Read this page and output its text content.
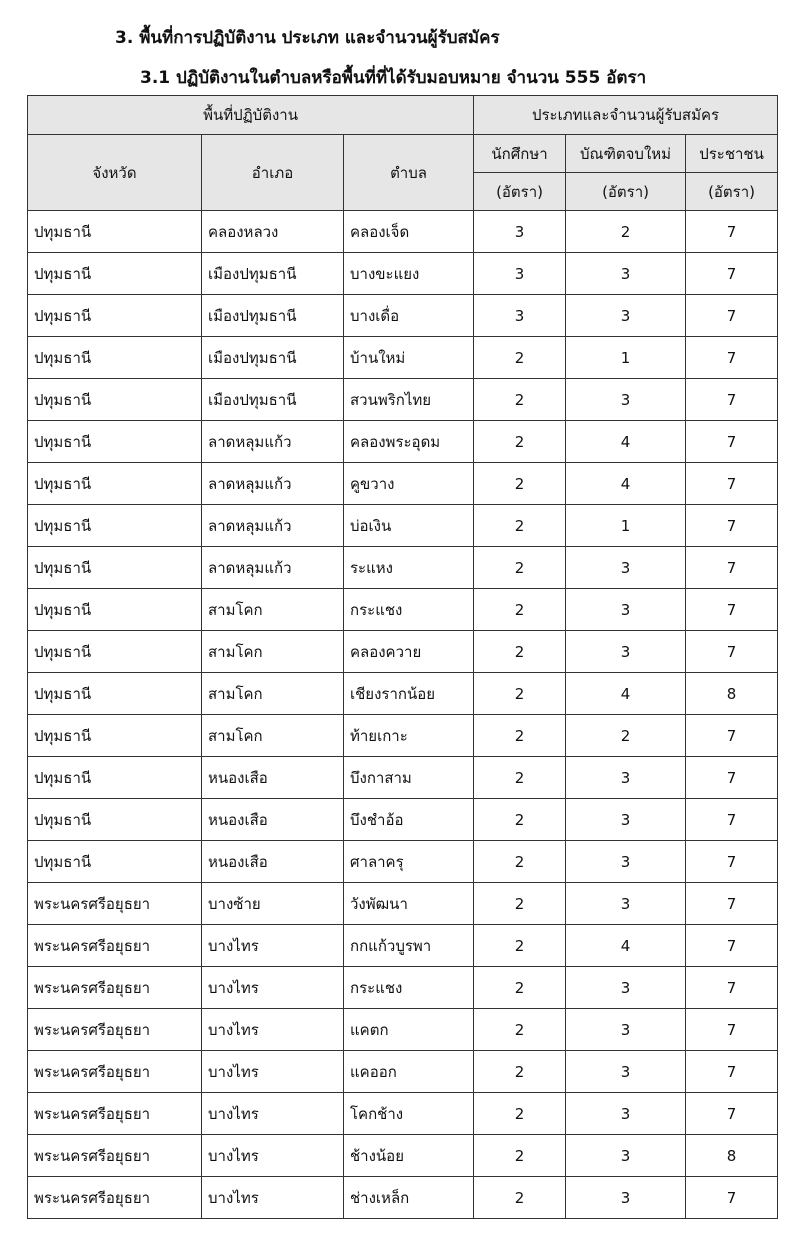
3. พื้นที่การปฏิบัติงาน ประเภท และจำนวนผู้รับสมัคร
3.1 ปฏิบัติงานในตำบลหรือพื้นที่ที่ได้รับมอบหมาย จำนวน 555 อัตรา
พื้นที่ปฏิบัติงาน			ประเภทและจำนวนผู้รับสมัคร		
จังหวัด	อำเภอ	ตำบล	นักศึกษา	บัณฑิตจบใหม่	ประชาชน
			(อัตรา)	(อัตรา)	(อัตรา)
ปทุมธานี	คลองหลวง	คลองเจ็ด	3	2	7
ปทุมธานี	เมืองปทุมธานี	บางขะแยง	3	3	7
ปทุมธานี	เมืองปทุมธานี	บางเดื่อ	3	3	7
ปทุมธานี	เมืองปทุมธานี	บ้านใหม่	2	1	7
ปทุมธานี	เมืองปทุมธานี	สวนพริกไทย	2	3	7
ปทุมธานี	ลาดหลุมแก้ว	คลองพระอุดม	2	4	7
ปทุมธานี	ลาดหลุมแก้ว	คูขวาง	2	4	7
ปทุมธานี	ลาดหลุมแก้ว	บ่อเงิน	2	1	7
ปทุมธานี	ลาดหลุมแก้ว	ระแหง	2	3	7
ปทุมธานี	สามโคก	กระแชง	2	3	7
ปทุมธานี	สามโคก	คลองควาย	2	3	7
ปทุมธานี	สามโคก	เชียงรากน้อย	2	4	8
ปทุมธานี	สามโคก	ท้ายเกาะ	2	2	7
ปทุมธานี	หนองเสือ	บึงกาสาม	2	3	7
ปทุมธานี	หนองเสือ	บึงชำอ้อ	2	3	7
ปทุมธานี	หนองเสือ	ศาลาครุ	2	3	7
พระนครศรีอยุธยา	บางซ้าย	วังพัฒนา	2	3	7
พระนครศรีอยุธยา	บางไทร	กกแก้วบูรพา	2	4	7
พระนครศรีอยุธยา	บางไทร	กระแชง	2	3	7
พระนครศรีอยุธยา	บางไทร	แคตก	2	3	7
พระนครศรีอยุธยา	บางไทร	แคออก	2	3	7
พระนครศรีอยุธยา	บางไทร	โคกช้าง	2	3	7
พระนครศรีอยุธยา	บางไทร	ช้างน้อย	2	3	8
พระนครศรีอยุธยา	บางไทร	ช่างเหล็ก	2	3	7
